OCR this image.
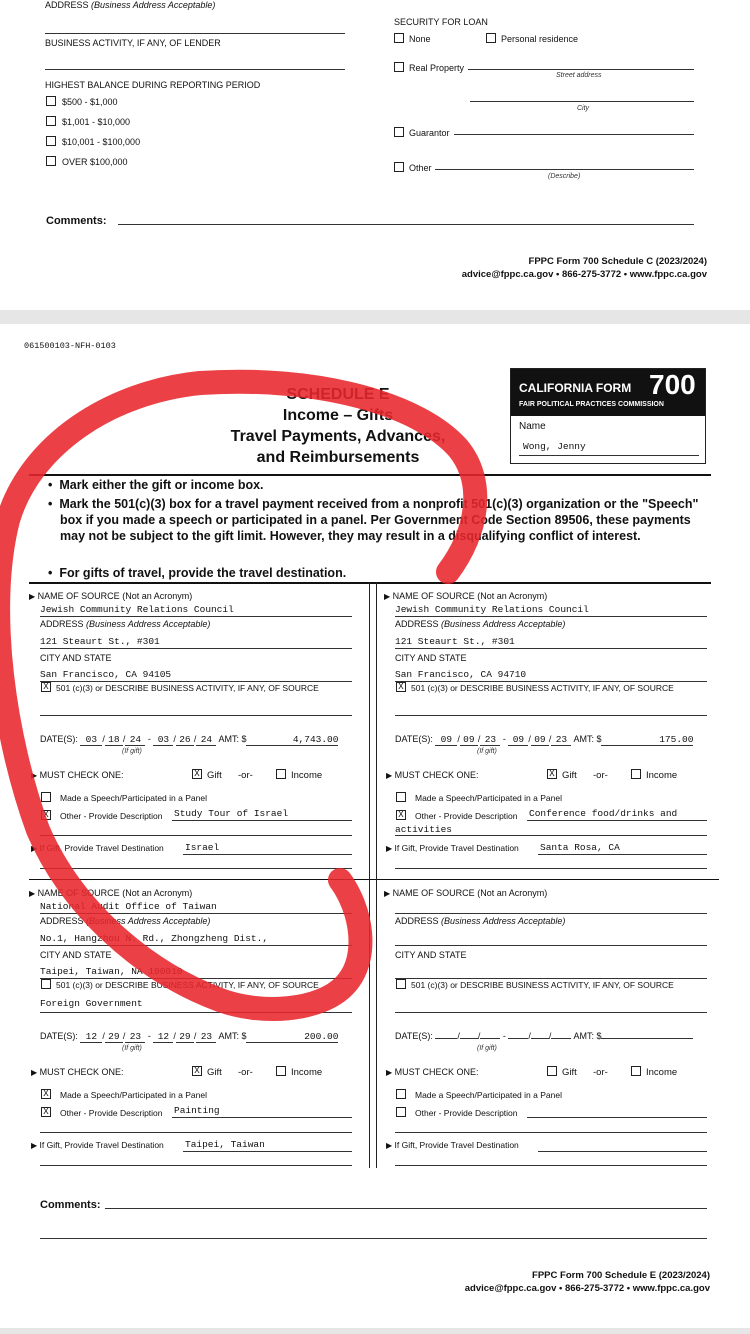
ADDRESS (Business Address Acceptable)
BUSINESS ACTIVITY, IF ANY, OF LENDER
HIGHEST BALANCE DURING REPORTING PERIOD
$500 - $1,000
$1,001 - $10,000
$10,001 - $100,000
OVER $100,000
SECURITY FOR LOAN
None	Personal residence
Real Property
Street address
City
Guarantor
Other
(Describe)
Comments:
FPPC Form 700 Schedule C (2023/2024)
advice@fppc.ca.gov • 866-275-3772 • www.fppc.ca.gov
061500103-NFH-0103
SCHEDULE E
Income – Gifts
Travel Payments, Advances,
and Reimbursements
CALIFORNIA FORM 700
FAIR POLITICAL PRACTICES COMMISSION
Name
Wong, Jenny
•  Mark either the gift or income box.
•  Mark the 501(c)(3) box for a travel payment received from a nonprofit 501(c)(3) organization or the "Speech" box if you made a speech or participated in a panel. Per Government Code Section 89506, these payments may not be subject to the gift limit. However, they may result in a disqualifying conflict of interest.
•  For gifts of travel, provide the travel destination.
▶ NAME OF SOURCE (Not an Acronym)
Jewish Community Relations Council
ADDRESS (Business Address Acceptable)
121 Steaurt St., #301
CITY AND STATE
San Francisco, CA 94105
X 501 (c)(3) or DESCRIBE BUSINESS ACTIVITY, IF ANY, OF SOURCE
DATE(S): 03 / 18 / 24 - 03 / 26 / 24 AMT: $	4,743.00
(If gift)
▶ MUST CHECK ONE:	X Gift -or-	Income
Made a Speech/Participated in a Panel
X Other - Provide Description Study Tour of Israel
▶ If Gift, Provide Travel Destination Israel
▶ NAME OF SOURCE (Not an Acronym)
Jewish Community Relations Council
ADDRESS (Business Address Acceptable)
121 Steaurt St., #301
CITY AND STATE
San Francisco, CA 94710
X 501 (c)(3) or DESCRIBE BUSINESS ACTIVITY, IF ANY, OF SOURCE
DATE(S): 09 / 09 / 23 - 09 / 09 / 23 AMT: $	175.00
(If gift)
▶ MUST CHECK ONE:	X Gift -or-	Income
Made a Speech/Participated in a Panel
X Other - Provide Description Conference food/drinks and
activities
▶ If Gift, Provide Travel Destination Santa Rosa, CA
▶ NAME OF SOURCE (Not an Acronym)
National Audit Office of Taiwan
ADDRESS (Business Address Acceptable)
No.1, Hangzhou N. Rd., Zhongzheng Dist.,
CITY AND STATE
Taipei, Taiwan, NA 100010
501 (c)(3) or DESCRIBE BUSINESS ACTIVITY, IF ANY, OF SOURCE
Foreign Government
DATE(S): 12 / 29 / 23 - 12 / 29 / 23 AMT: $	200.00
(If gift)
▶ MUST CHECK ONE:	X Gift -or-	Income
X Made a Speech/Participated in a Panel
X Other - Provide Description Painting
▶ If Gift, Provide Travel Destination Taipei, Taiwan
▶ NAME OF SOURCE (Not an Acronym)
ADDRESS (Business Address Acceptable)
CITY AND STATE
501 (c)(3) or DESCRIBE BUSINESS ACTIVITY, IF ANY, OF SOURCE
DATE(S):	/ / - / / AMT: $
(If gift)
▶ MUST CHECK ONE:	Gift -or-	Income
Made a Speech/Participated in a Panel
Other - Provide Description
▶ If Gift, Provide Travel Destination
Comments:
FPPC Form 700 Schedule E (2023/2024)
advice@fppc.ca.gov • 866-275-3772 • www.fppc.ca.gov
